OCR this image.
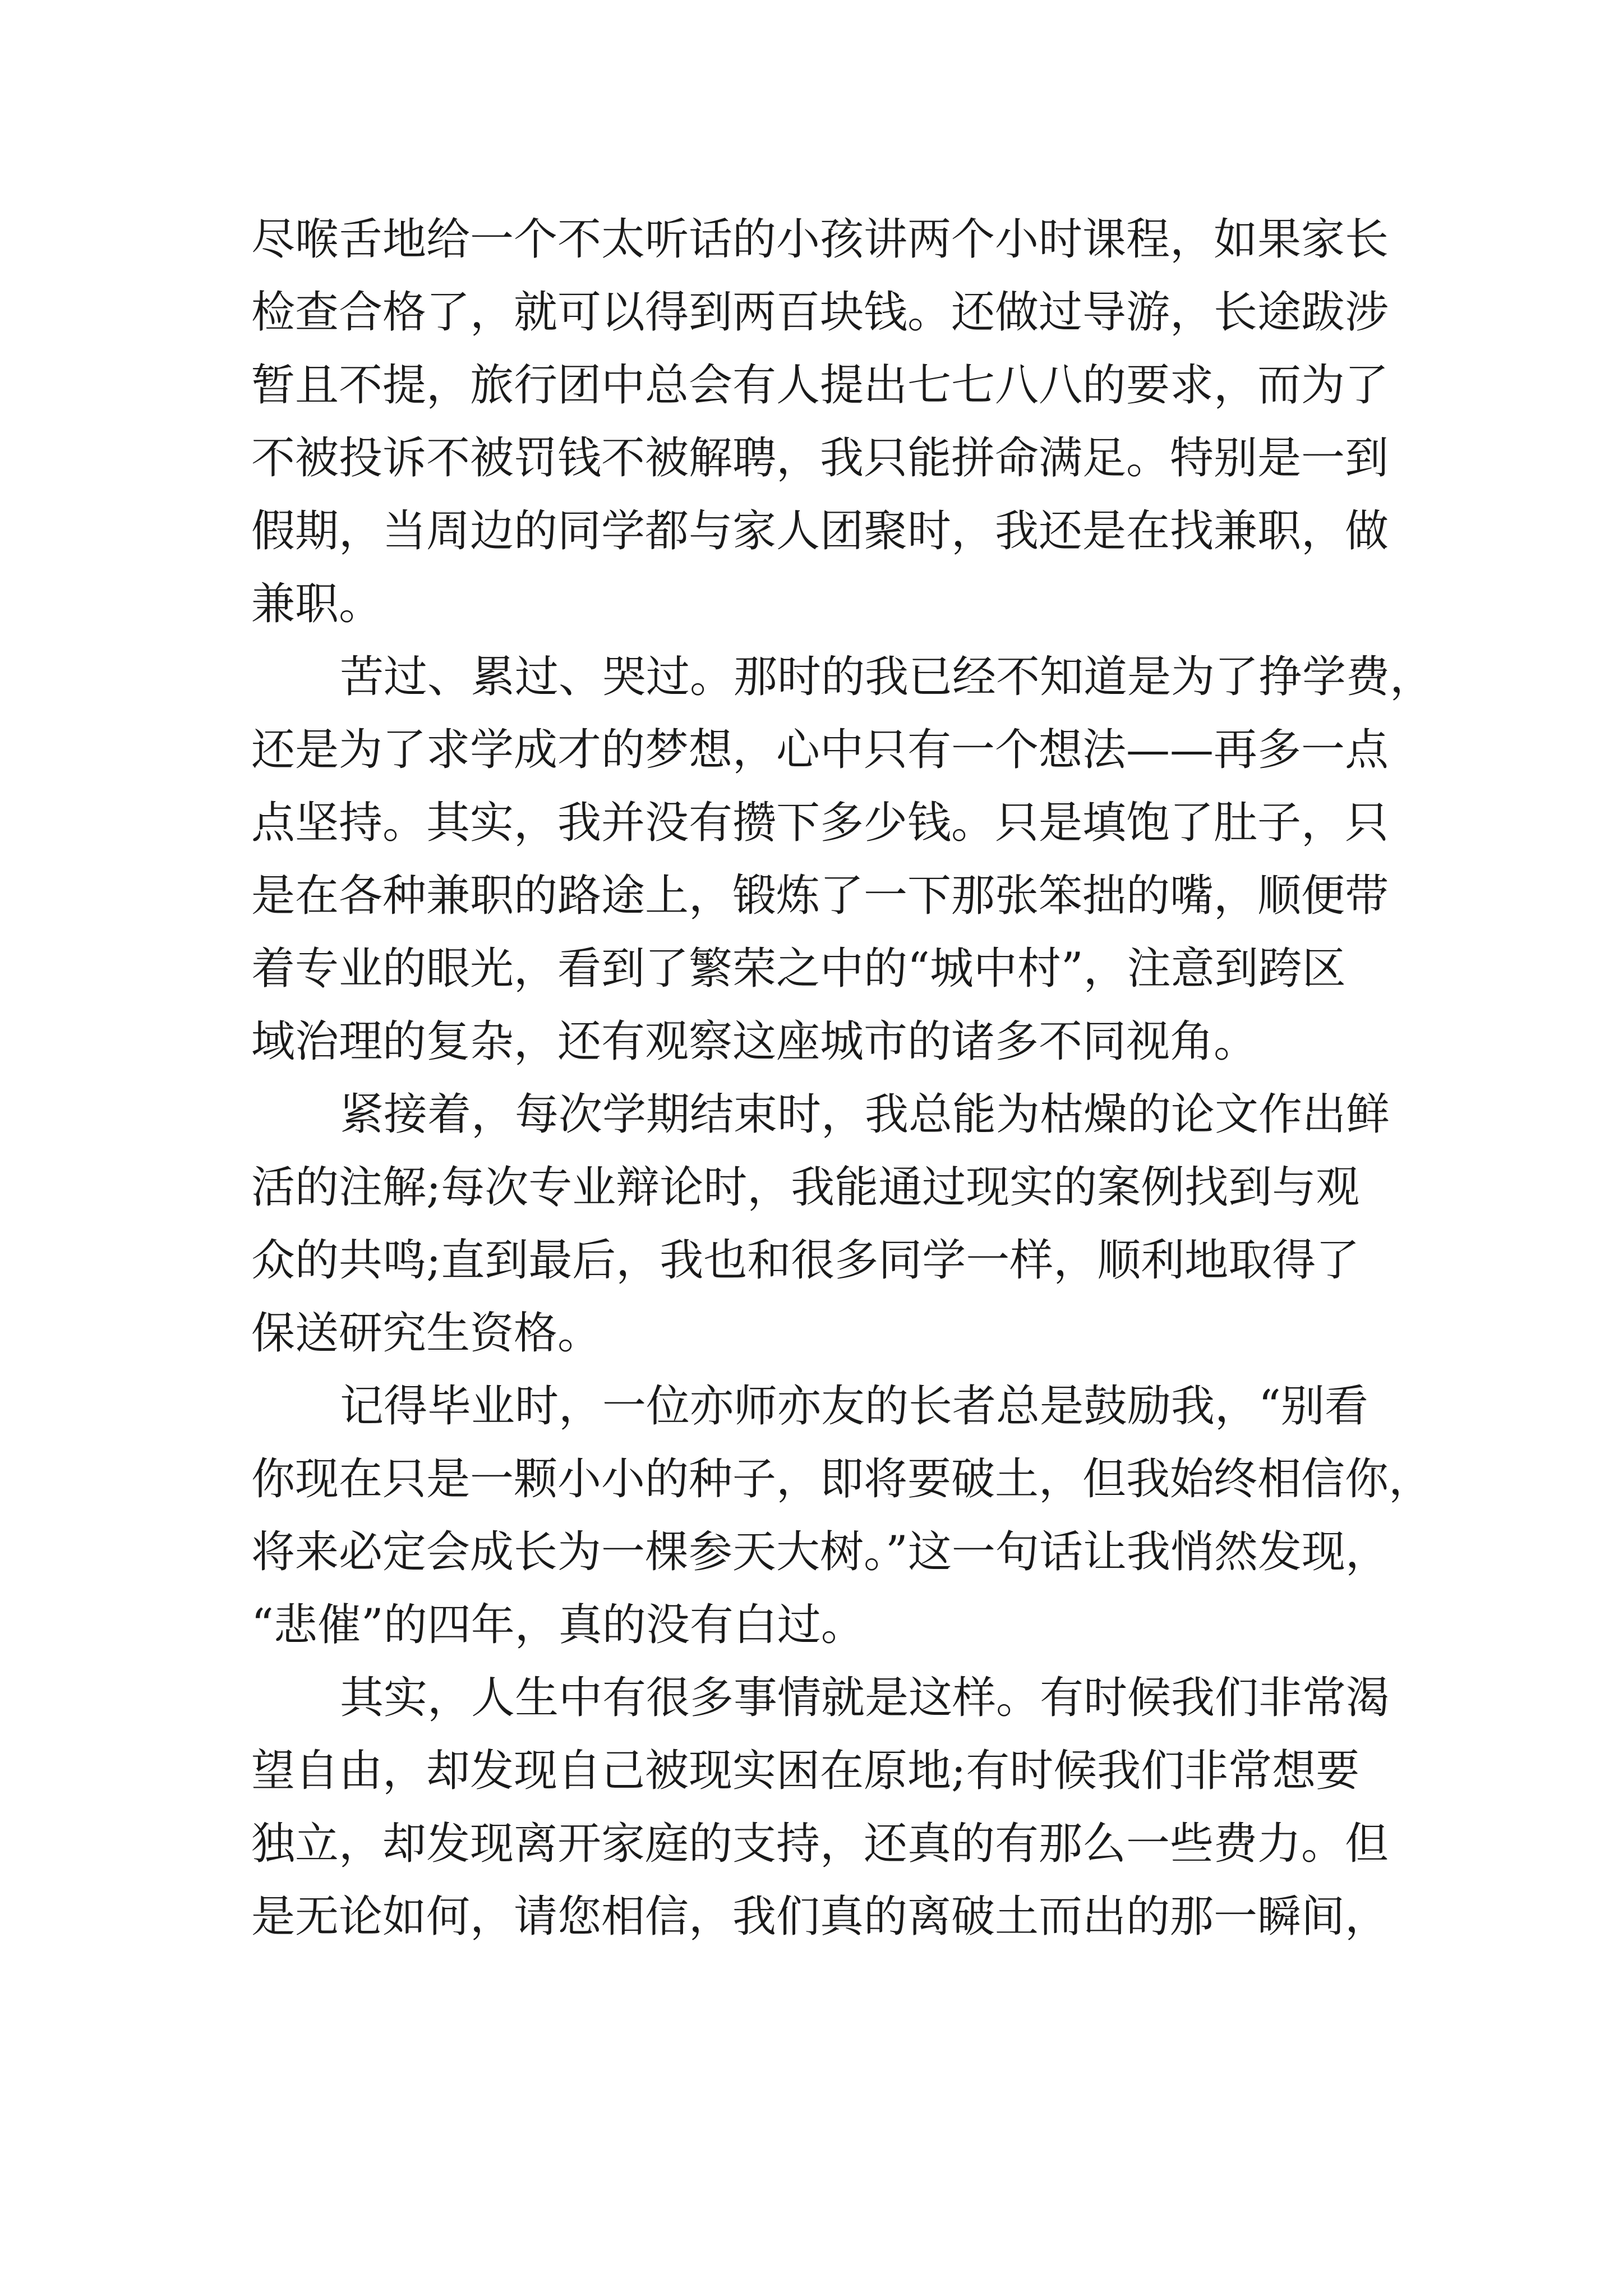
尽喉舌地给一个不太听话的小孩讲两个小时课程，如果家长
检查合格了，就可以得到两百块钱。还做过导游，长途跋涉
暂且不提，旅行团中总会有人提出七七八八的要求，而为了
不被投诉不被罚钱不被解聘，我只能拼命满足。特别是一到
假期，当周边的同学都与家人团聚时，我还是在找兼职，做
兼职。
苦过、累过、哭过。那时的我已经不知道是为了挣学费，
还是为了求学成才的梦想，心中只有一个想法——再多一点
点坚持。其实，我并没有攒下多少钱。只是填饱了肚子，只
是在各种兼职的路途上，锻炼了一下那张笨拙的嘴，顺便带
着专业的眼光，看到了繁荣之中的“城中村”，注意到跨区
域治理的复杂，还有观察这座城市的诸多不同视角。
紧接着，每次学期结束时，我总能为枯燥的论文作出鲜
活的注解;每次专业辩论时，我能通过现实的案例找到与观
众的共鸣;直到最后，我也和很多同学一样，顺利地取得了
保送研究生资格。
记得毕业时，一位亦师亦友的长者总是鼓励我，“别看
你现在只是一颗小小的种子，即将要破土，但我始终相信你，
将来必定会成长为一棵参天大树。”这一句话让我悄然发现，
“悲催”的四年，真的没有白过。
其实，人生中有很多事情就是这样。有时候我们非常渴
望自由，却发现自己被现实困在原地;有时候我们非常想要
独立，却发现离开家庭的支持，还真的有那么一些费力。但
是无论如何，请您相信，我们真的离破土而出的那一瞬间，
